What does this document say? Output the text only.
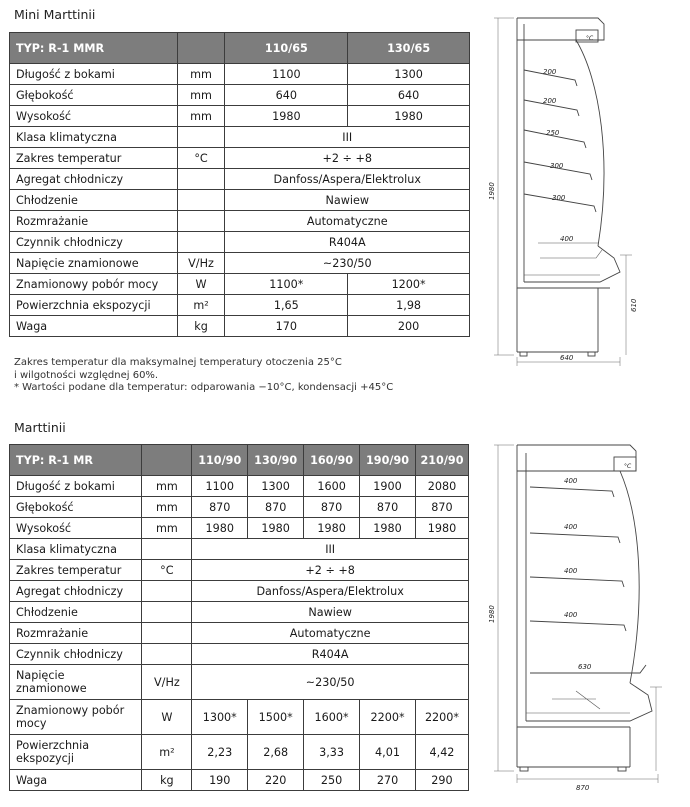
Mini Marttinii
TYP: R-1 MMR		110/65	130/65
Długość z bokami	mm	1100	1300
Głębokość	mm	640	640
Wysokość	mm	1980	1980
Klasa klimatyczna		III	
Zakres temperatur	°C	+2 ÷ +8	
Agregat chłodniczy		Danfoss/Aspera/Elektrolux	
Chłodzenie		Nawiew	
Rozmrażanie		Automatyczne	
Czynnik chłodniczy		R404A	
Napięcie znamionowe	V/Hz	~230/50	
Znamionowy pobór mocy	W	1100*	1200*
Powierzchnia ekspozycji	m²	1,65	1,98
Waga	kg	170	200
Zakres temperatur dla maksymalnej temperatury otoczenia 25°C
i wilgotności względnej 60%.
* Wartości podane dla temperatur: odparowania −10°C, kondensacji +45°C
Marttinii
TYP: R-1 MR		110/90	130/90	160/90	190/90	210/90
Długość z bokami	mm	1100	1300	1600	1900	2080
Głębokość	mm	870	870	870	870	870
Wysokość	mm	1980	1980	1980	1980	1980
Klasa klimatyczna		III				
Zakres temperatur	°C	+2 ÷ +8				
Agregat chłodniczy		Danfoss/Aspera/Elektrolux				
Chłodzenie		Nawiew				
Rozmrażanie		Automatyczne				
Czynnik chłodniczy		R404A				
Napięcie znamionowe	V/Hz	~230/50				
Znamionowy pobór mocy	W	1300*	1500*	1600*	2200*	2200*
Powierzchnia ekspozycji	m²	2,23	2,68	3,33	4,01	4,42
Waga	kg	190	220	250	270	290
°C
200
200
250
300
300
400
1980
610
640
°C
400
400
400
400
630
1980
870
